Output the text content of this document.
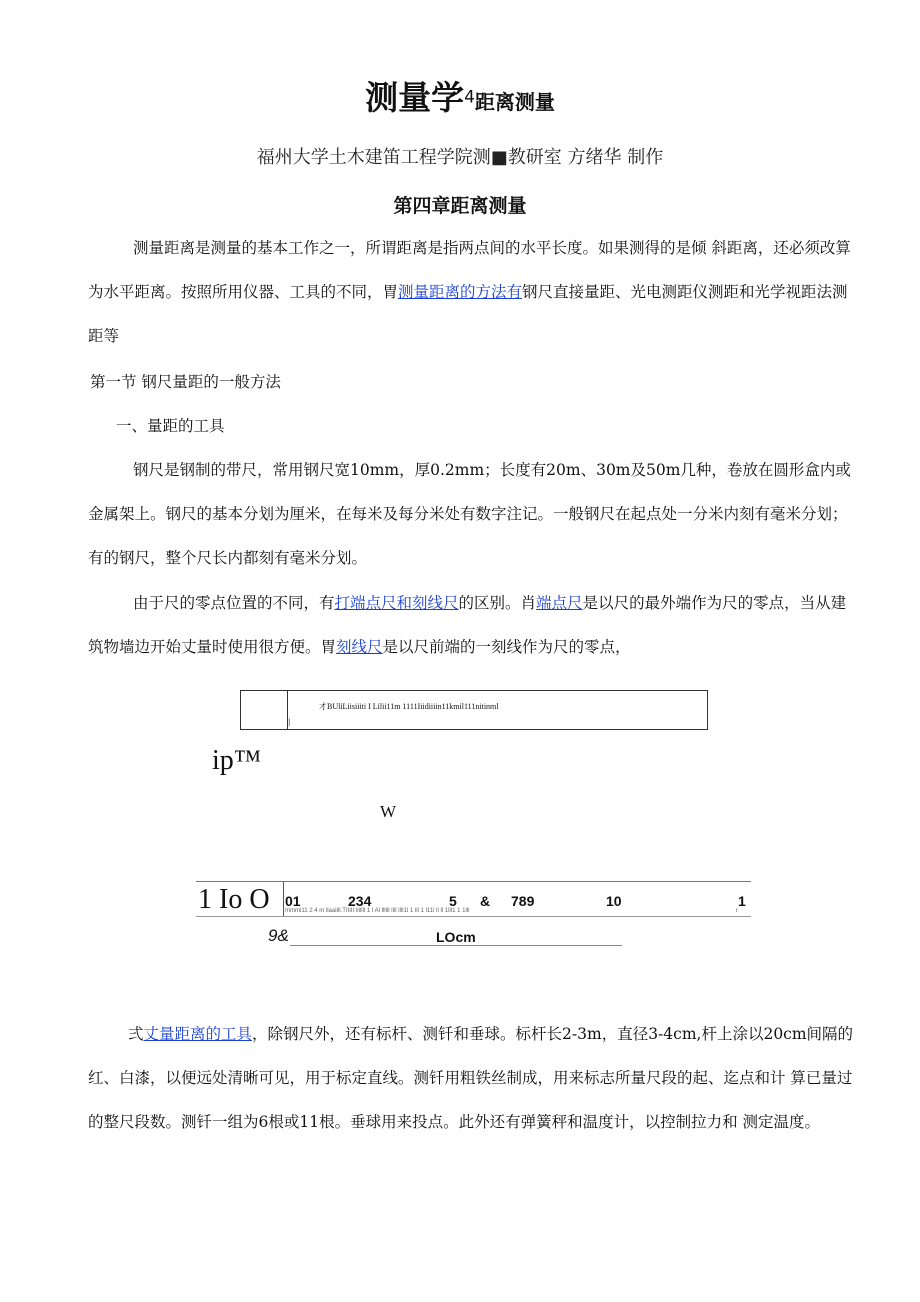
测量学4距离测量
福州大学土木建笛工程学院测■教研室 方绪华 制作
第四章距离测量
测量距离是测量的基本工作之一，所谓距离是指两点间的水平长度。如果测得的是倾 斜距离，还必须改算为水平距离。按照所用仪器、工具的不同，胃测量距离的方法有钢尺直接量距、光电测距仪测距和光学视距法测距等
第一节 钢尺量距的一般方法
一、量距的工具
钢尺是钢制的带尺，常用钢尺宽10mm，厚0.2mm；长度有20m、30m及50m几种，卷放在圆形盒内或 金属架上。钢尺的基本分划为厘米，在每米及每分米处有数字注记。一般钢尺在起点处一分米内刻有毫米分划；有的钢尺，整个尺长内都刻有毫米分划。
由于尺的零点位置的不同，有打端点尺和刻线尺的区别。肖端点尺是以尺的最外端作为尺的零点，当从建筑物墙边开始丈量时使用很方便。胃刻线尺是以尺前端的一刻线作为尺的零点，
才BUliLiisiiiti I Lilii11m 1111Iiidiiiin11kmil111nitinml
|
ip™
W
1 Io O 01	234	5 & 789	10	1
mmml11 2 4 m llaalill.TIIIII lilllll 1 l Al llllll llll llll1l 1 lll 1 l11l ll ll 1lll1 1 1lll	r
9&	LOcm
弍丈量距离的工具，除钢尺外，还有标杆、测钎和垂球。标杆长2-3m，直径3-4cm,杆上涂以20cm间隔的红、白漆，以便远处清晰可见，用于标定直线。测钎用粗铁丝制成，用来标志所量尺段的起、迄点和计 算已量过的整尺段数。测钎一组为6根或11根。垂球用来投点。此外还有弹簧秤和温度计，以控制拉力和 测定温度。
